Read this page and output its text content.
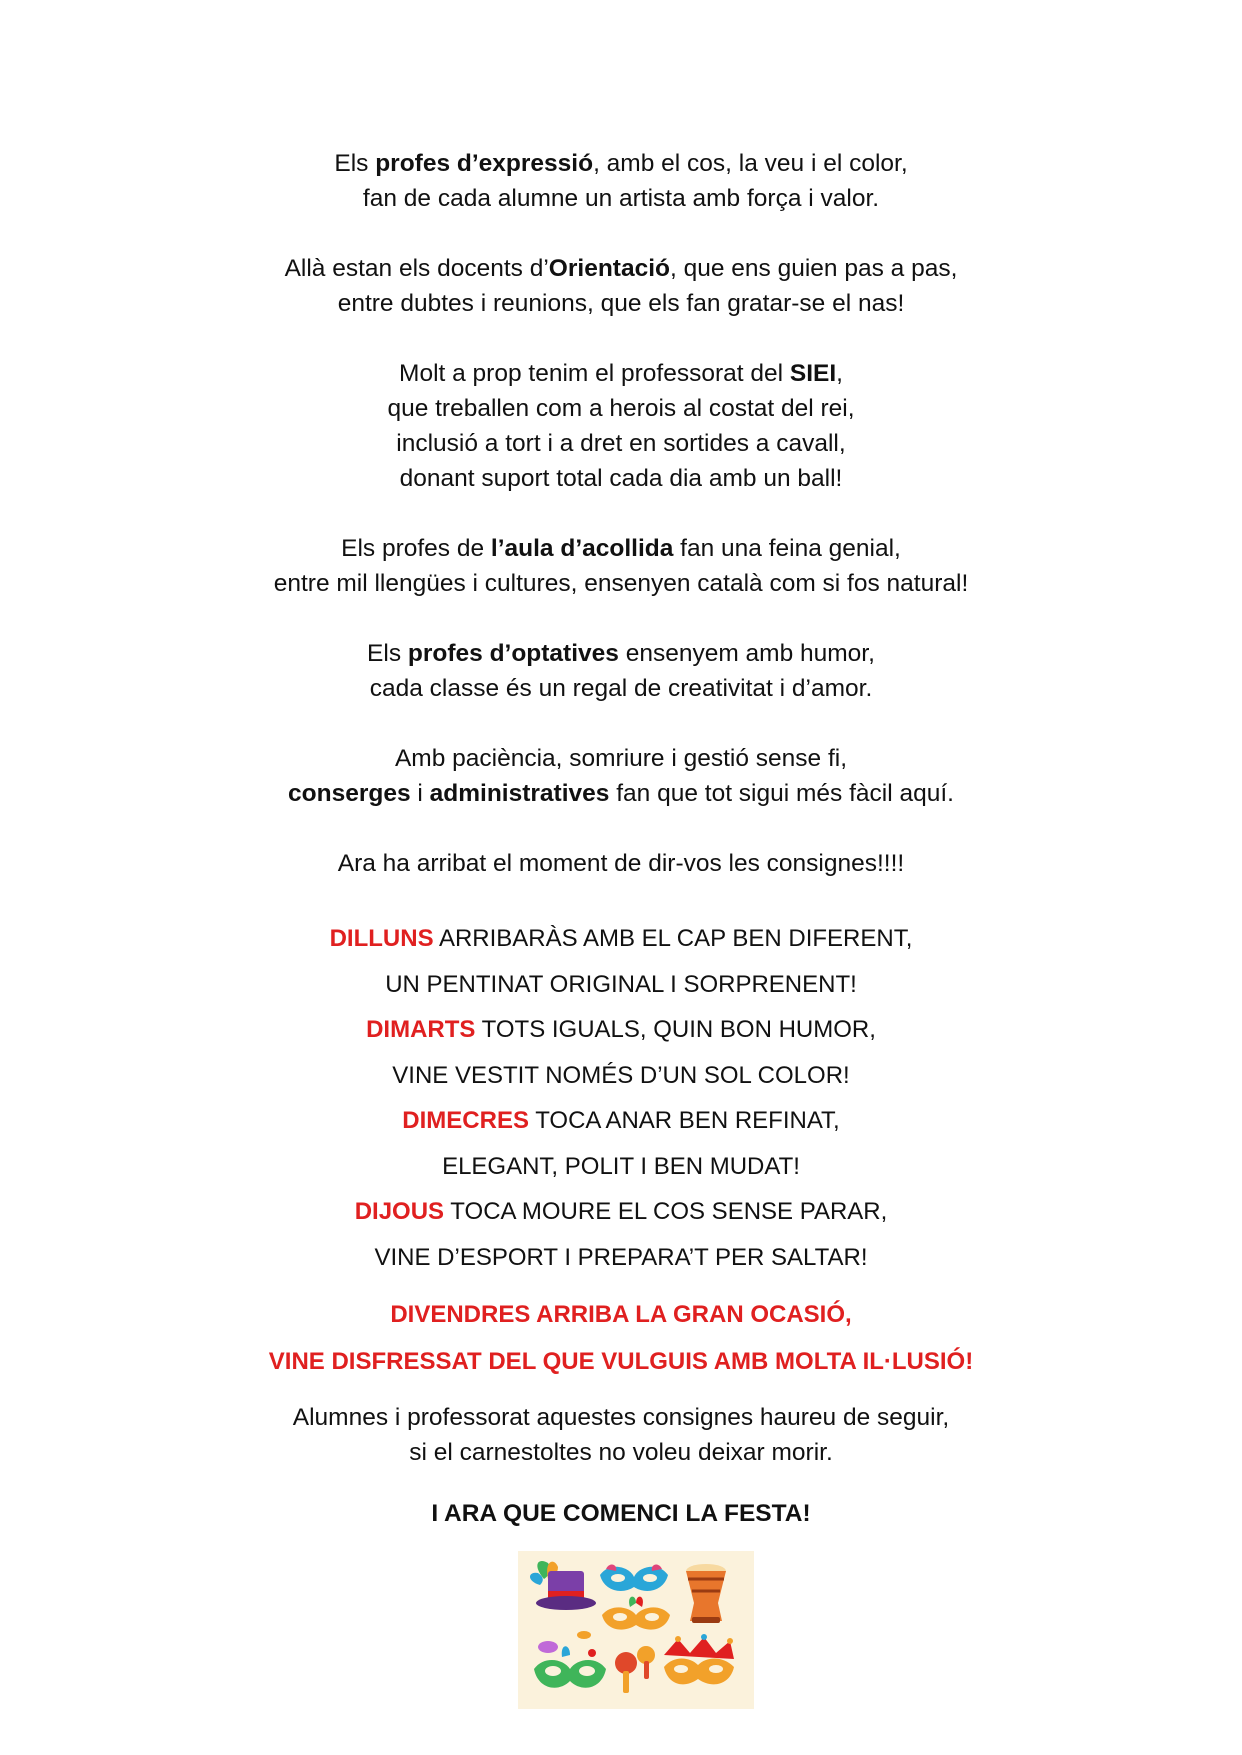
Els profes d’expressió, amb el cos, la veu i el color,
fan de cada alumne un artista amb força i valor.
Allà estan els docents d’Orientació, que ens guien pas a pas,
entre dubtes i reunions, que els fan gratar-se el nas!
Molt a prop tenim el professorat del SIEI,
que treballen com a herois al costat del rei,
inclusió a tort i a dret en sortides a cavall,
donant suport total cada dia amb un ball!
Els profes de l’aula d’acollida fan una feina genial,
entre mil llengües i cultures, ensenyen català com si fos natural!
Els profes d’optatives ensenyem amb humor,
cada classe és un regal de creativitat i d’amor.
Amb paciència, somriure i gestió sense fi,
conserges i administratives fan que tot sigui més fàcil aquí.
Ara ha arribat el moment de dir-vos les consignes!!!!
DILLUNS ARRIBARÀS AMB EL CAP BEN DIFERENT,
UN PENTINAT ORIGINAL I SORPRENENT!
DIMARTS TOTS IGUALS, QUIN BON HUMOR,
VINE VESTIT NOMÉS D’UN SOL COLOR!
DIMECRES TOCA ANAR BEN REFINAT,
ELEGANT, POLIT I BEN MUDAT!
DIJOUS TOCA MOURE EL COS SENSE PARAR,
VINE D’ESPORT I PREPARA’T PER SALTAR!
DIVENDRES ARRIBA LA GRAN OCASIÓ,
VINE DISFRESSAT DEL QUE VULGUIS AMB MOLTA IL·LUSIÓ!
Alumnes i professorat aquestes consignes haureu de seguir,
si el carnestoltes no voleu deixar morir.
I ARA QUE COMENCI LA FESTA!
